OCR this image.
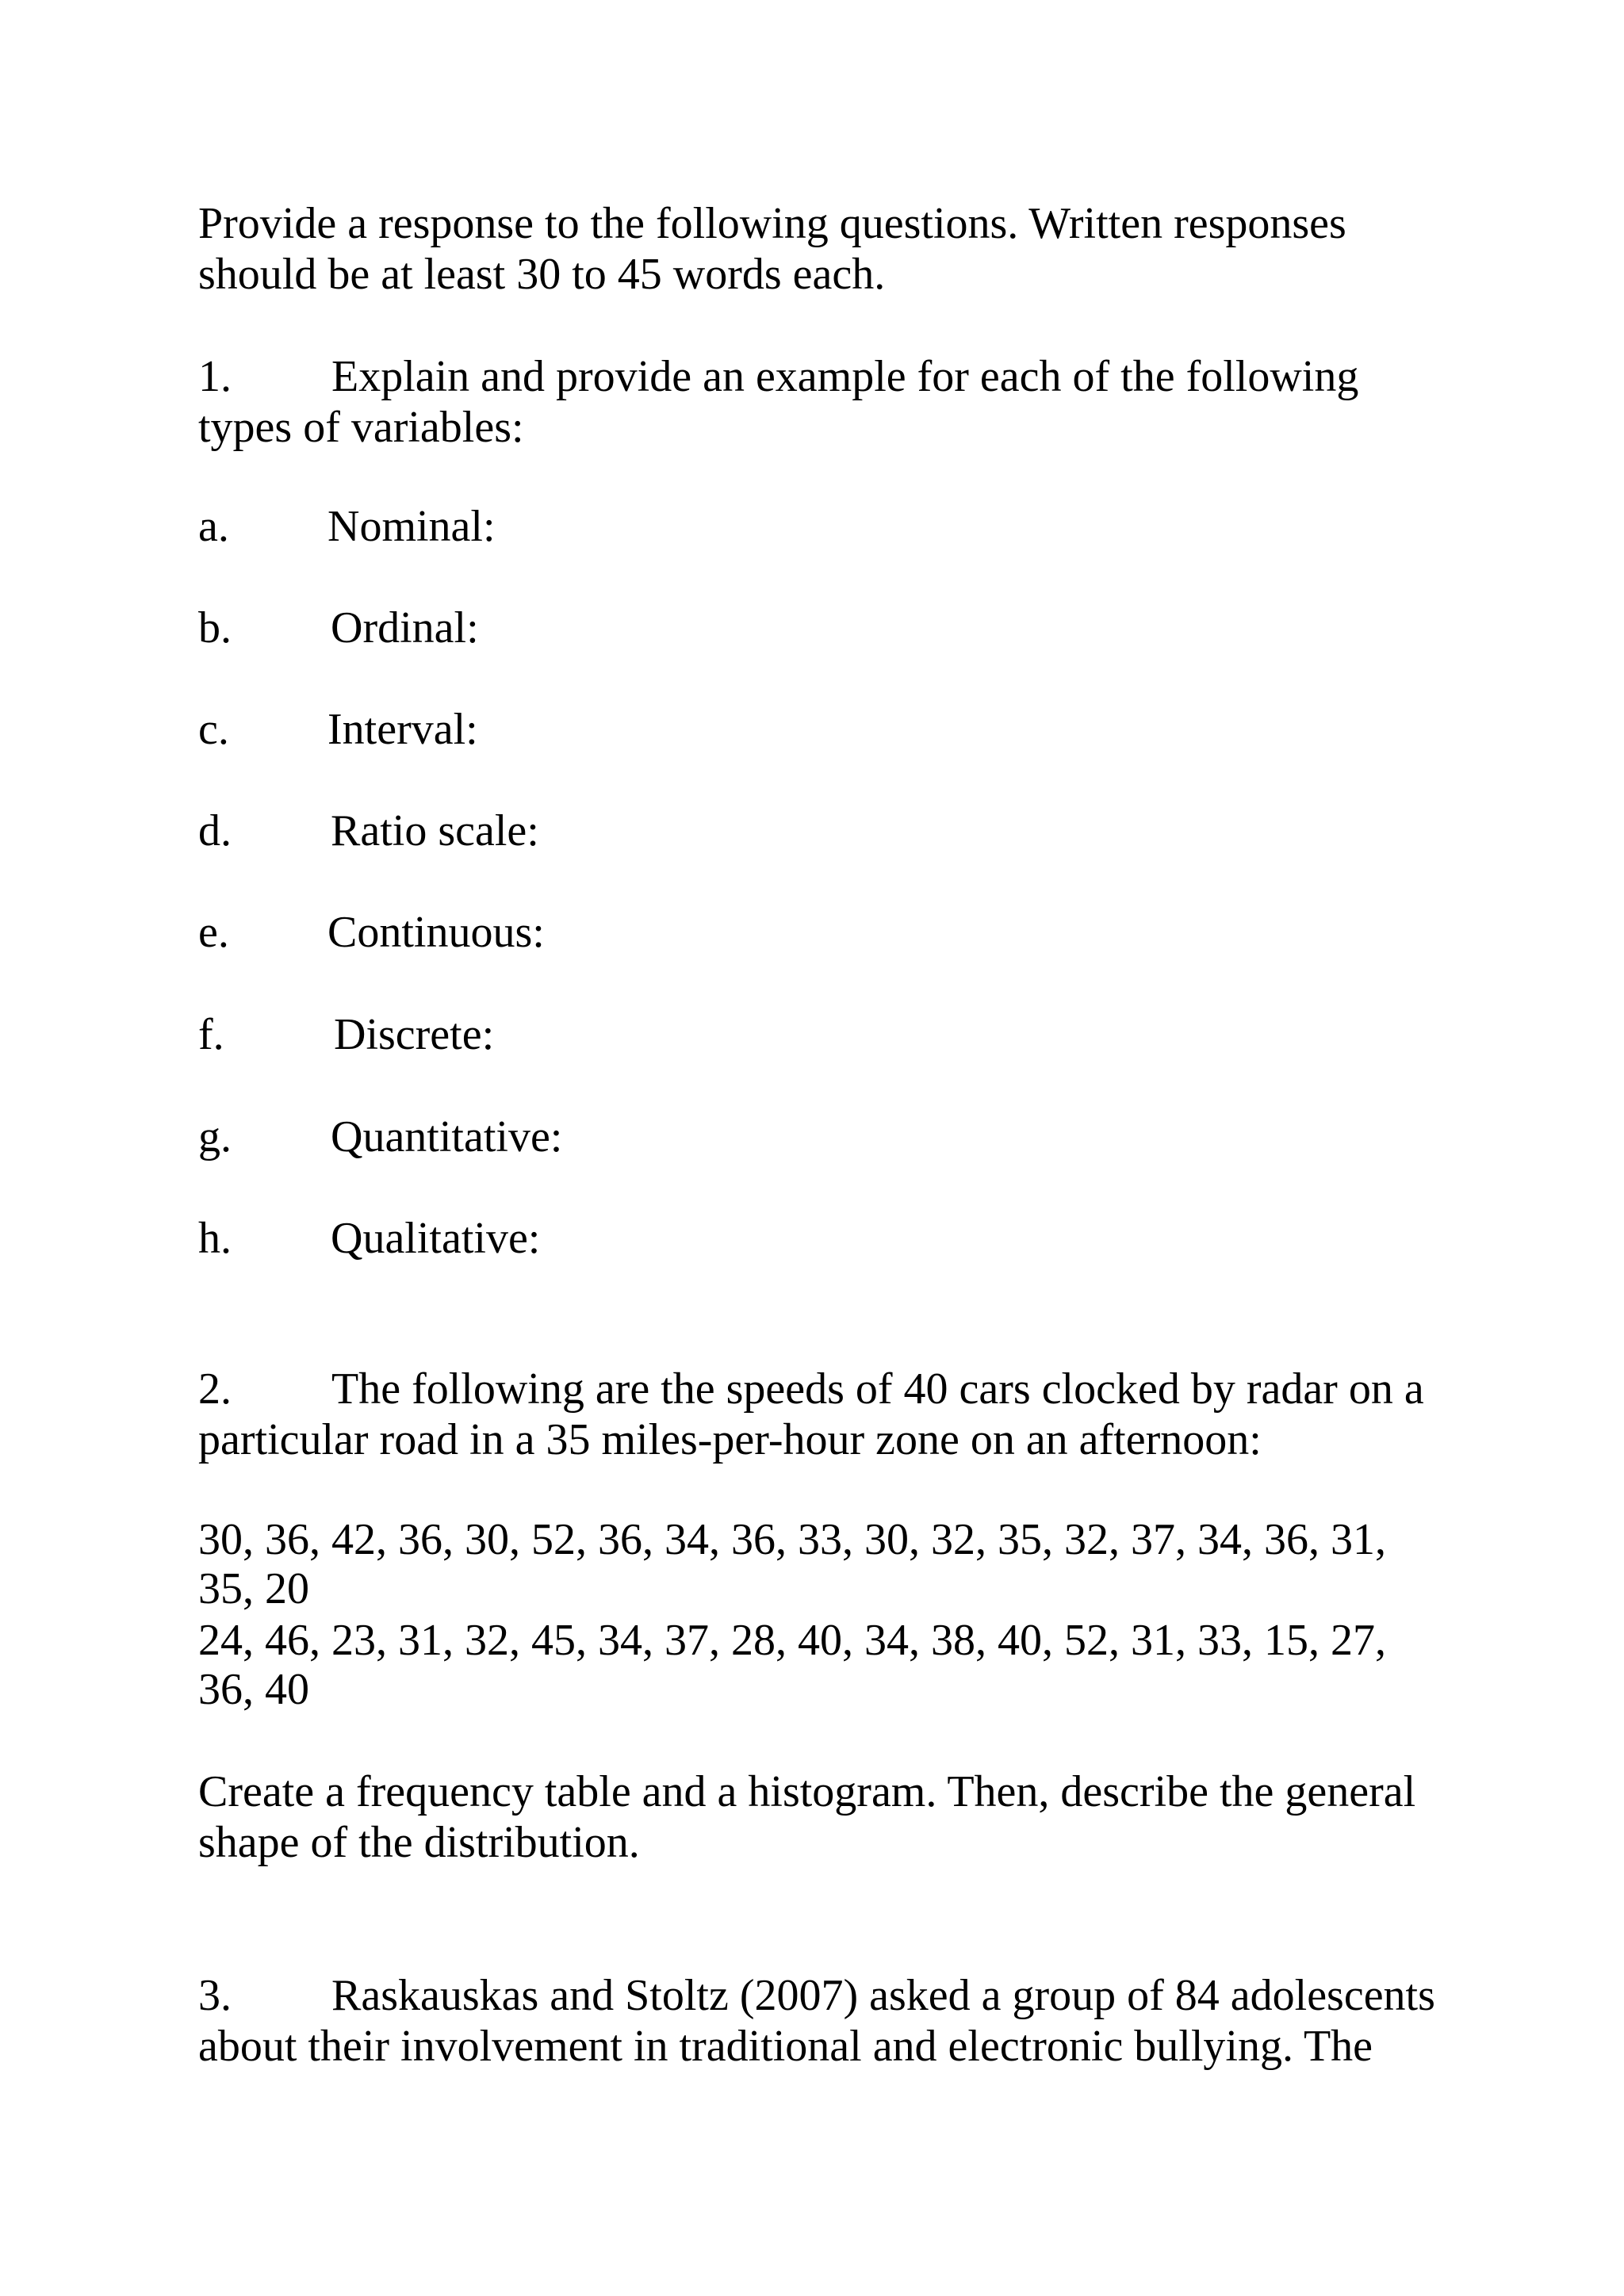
Provide a response to the following questions. Written responses
should be at least 30 to 45 words each.
1. Explain and provide an example for each of the following
types of variables:
a. Nominal:
b. Ordinal:
c. Interval:
d. Ratio scale:
e. Continuous:
f. Discrete:
g. Quantitative:
h. Qualitative:
2. The following are the speeds of 40 cars clocked by radar on a
particular road in a 35 miles-per-hour zone on an afternoon:
30, 36, 42, 36, 30, 52, 36, 34, 36, 33, 30, 32, 35, 32, 37, 34, 36, 31,
35, 20
24, 46, 23, 31, 32, 45, 34, 37, 28, 40, 34, 38, 40, 52, 31, 33, 15, 27,
36, 40
Create a frequency table and a histogram. Then, describe the general
shape of the distribution.
3. Raskauskas and Stoltz (2007) asked a group of 84 adolescents
about their involvement in traditional and electronic bullying. The
